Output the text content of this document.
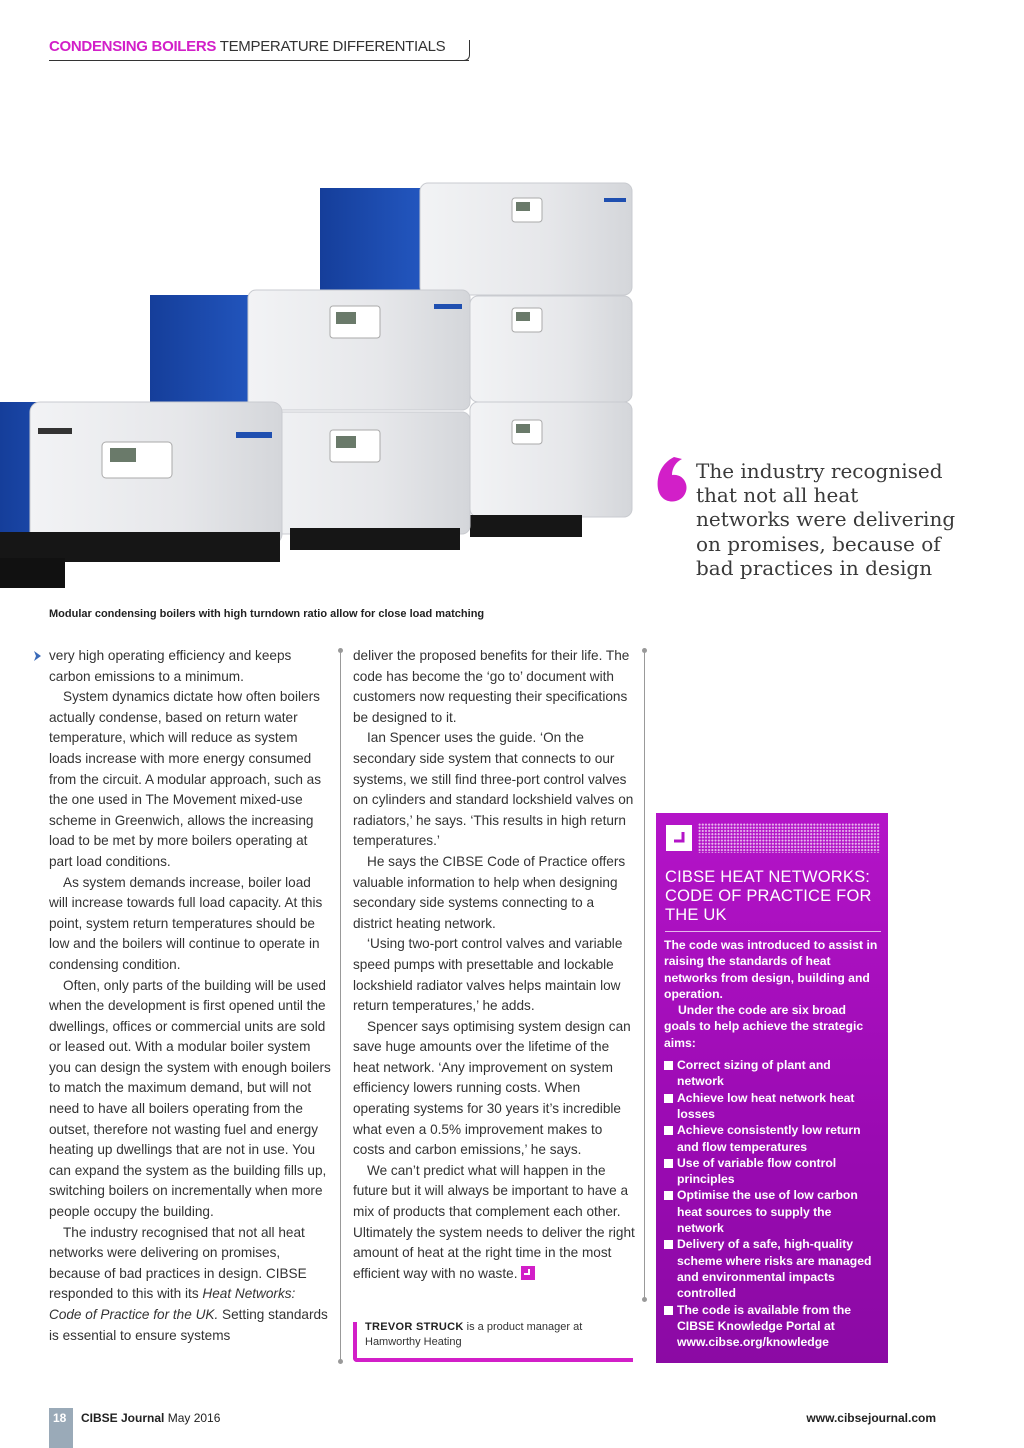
CONDENSING BOILERS TEMPERATURE DIFFERENTIALS
Modular condensing boilers with high turndown ratio allow for close load matching
The industry recognised that not all heat networks were delivering on promises, because of bad practices in design

very high operating efficiency and keeps carbon emissions to a minimum.

System dynamics dictate how often boilers actually condense, based on return water temperature, which will reduce as system loads increase with more energy consumed from the circuit. A modular approach, such as the one used in The Movement mixed-use scheme in Greenwich, allows the increasing load to be met by more boilers operating at part load conditions.

As system demands increase, boiler load will increase towards full load capacity. At this point, system return temperatures should be low and the boilers will continue to operate in condensing condition.

Often, only parts of the building will be used when the development is first opened until the dwellings, offices or commercial units are sold or leased out. With a modular boiler system you can design the system with enough boilers to match the maximum demand, but will not need to have all boilers operating from the outset, therefore not wasting fuel and energy heating up dwellings that are not in use. You can expand the system as the building fills up, switching boilers on incrementally when more people occupy the building.

The industry recognised that not all heat networks were delivering on promises, because of bad practices in design. CIBSE responded to this with its Heat Networks: Code of Practice for the UK. Setting standards is essential to ensure systems

deliver the proposed benefits for their life. The code has become the ‘go to’ document with customers now requesting their specifications be designed to it.

Ian Spencer uses the guide. ‘On the secondary side system that connects to our systems, we still find three-port control valves on cylinders and standard lockshield valves on radiators,’ he says. ‘This results in high return temperatures.’

He says the CIBSE Code of Practice offers valuable information to help when designing secondary side systems connecting to a district heating network.

‘Using two-port control valves and variable speed pumps with presettable and lockable lockshield radiator valves helps maintain low return temperatures,’ he adds.

Spencer says optimising system design can save huge amounts over the lifetime of the heat network. ‘Any improvement on system efficiency lowers running costs. When operating systems for 30 years it’s incredible what even a 0.5% improvement makes to costs and carbon emissions,’ he says.

We can’t predict what will happen in the future but it will always be important to have a mix of products that complement each other. Ultimately the system needs to deliver the right amount of heat at the right time in the most efficient way with no waste.

TREVOR STRUCK is a product manager at Hamworthy Heating
CIBSE HEAT NETWORKS: CODE OF PRACTICE FOR THE UK

The code was introduced to assist in raising the standards of heat networks from design, building and operation.

Under the code are six broad goals to help achieve the strategic aims:

Correct sizing of plant and network
Achieve low heat network heat losses
Achieve consistently low return and flow temperatures
Use of variable flow control principles
Optimise the use of low carbon heat sources to supply the network
Delivery of a safe, high-quality scheme where risks are managed and environmental impacts controlled
The code is available from the CIBSE Knowledge Portal at www.cibse.org/knowledge
18 CIBSE Journal May 2016	www.cibsejournal.com
